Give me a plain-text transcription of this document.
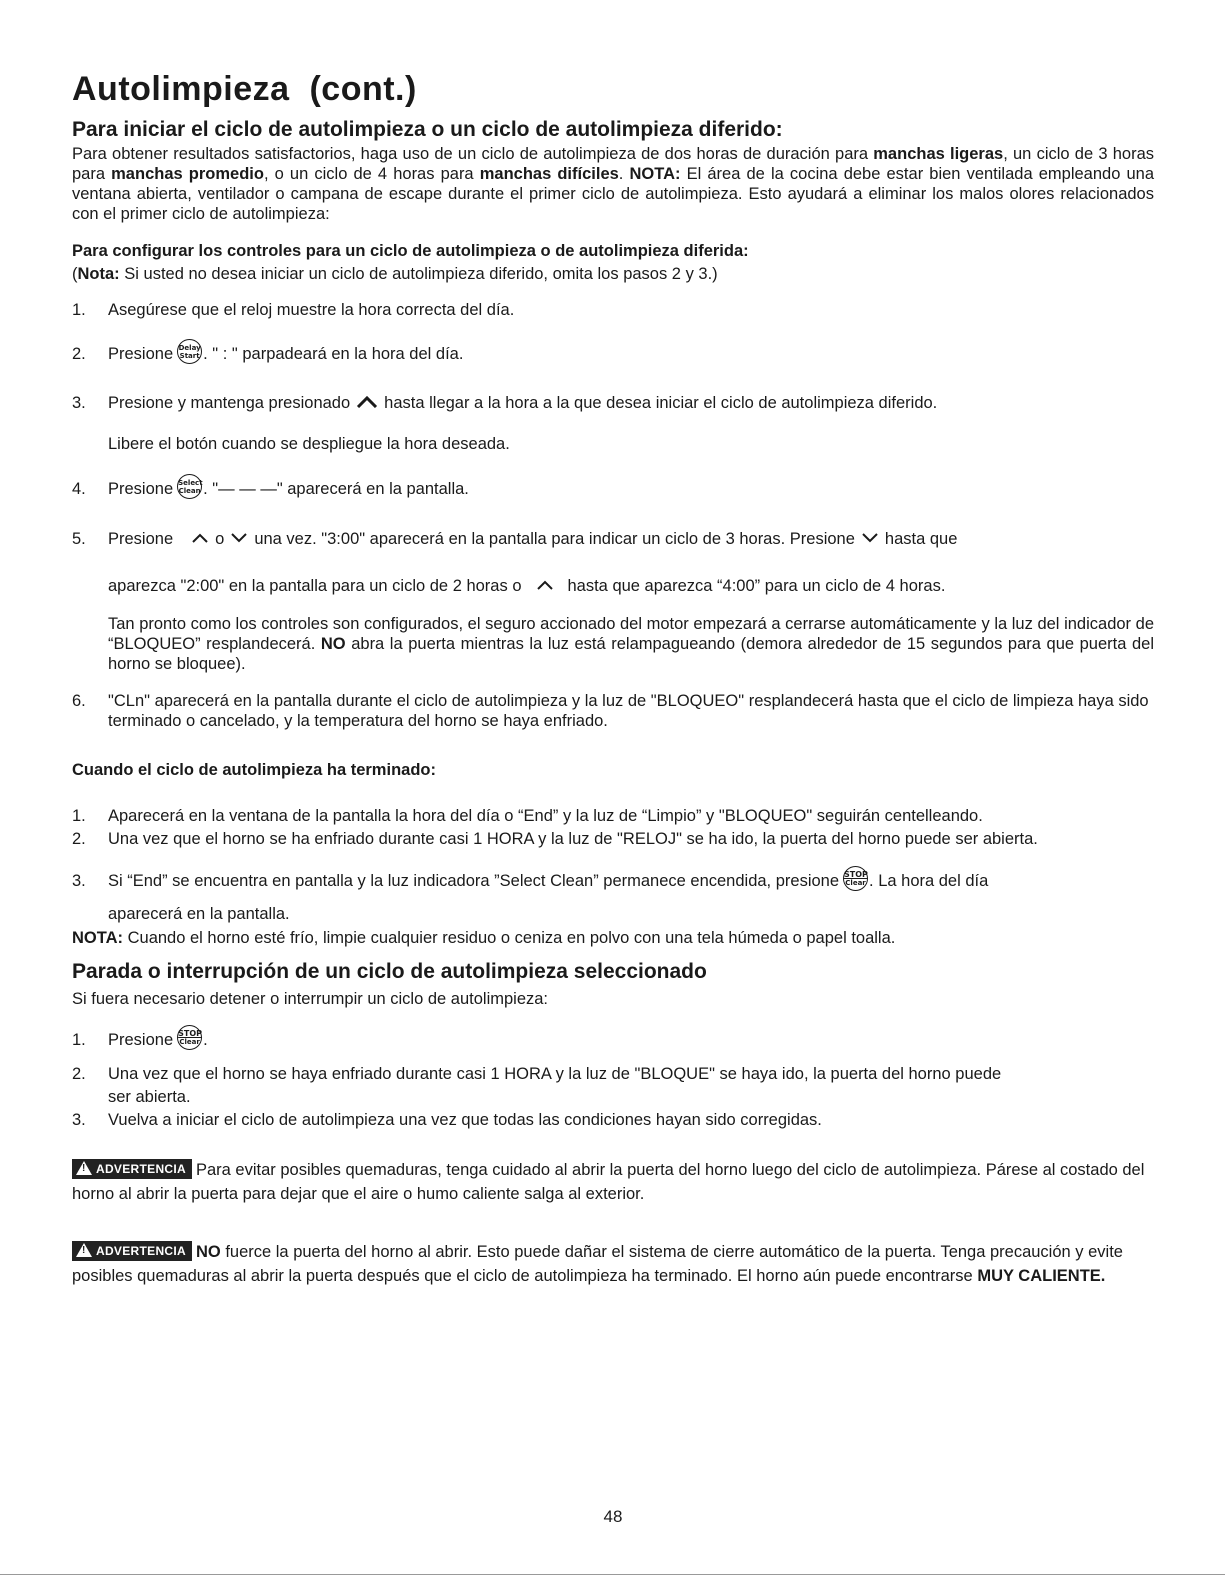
Autolimpieza  (cont.)
Para iniciar el ciclo de autolimpieza o un ciclo de autolimpieza diferido:
Para obtener resultados satisfactorios, haga uso de un ciclo de autolimpieza de dos horas de duración para manchas ligeras, un ciclo de 3 horas para manchas promedio, o un ciclo de 4 horas para manchas difíciles. NOTA: El área de la cocina debe estar bien ventilada empleando una ventana abierta, ventilador o campana de escape durante el primer ciclo de autolimpieza. Esto ayudará a eliminar los malos olores relacionados con el primer ciclo de autolimpieza:
Para configurar los controles para un ciclo de autolimpieza o de autolimpieza diferida:
(Nota: Si usted no desea iniciar un ciclo de autolimpieza diferido, omita los pasos 2 y 3.)
1.	Asegúrese que el reloj muestre la hora correcta del día.
2.	Presione Delay
Start . " : " parpadeará en la hora del día.
3.	Presione y mantenga presionado hasta llegar a la hora a la que desea iniciar el ciclo de autolimpieza diferido.
Libere el botón cuando se despliegue la hora deseada.
4.	Presione Select
Clean . "— — —" aparecerá en la pantalla.
5.	Presione	o una vez. "3:00" aparecerá en la pantalla para indicar un ciclo de 3 horas. Presione hasta que
aparezca "2:00" en la pantalla para un ciclo de 2 horas o	hasta que aparezca “4:00” para un ciclo de 4 horas.
Tan pronto como los controles son configurados, el seguro accionado del motor empezará a cerrarse automáticamente y la luz del indicador de “BLOQUEO” resplandecerá. NO abra la puerta mientras la luz está relampagueando (demora alrededor de 15 segundos para que puerta del horno se bloquee).
6.	"CLn" aparecerá en la pantalla durante el ciclo de autolimpieza y la luz de "BLOQUEO" resplandecerá hasta que el ciclo de limpieza haya sido terminado o cancelado, y la temperatura del horno se haya enfriado.
Cuando el ciclo de autolimpieza ha terminado:
1.	Aparecerá en la ventana de la pantalla la hora del día o “End” y la luz de “Limpio” y "BLOQUEO" seguirán centelleando.
2.	Una vez que el horno se ha enfriado durante casi 1 HORA y la luz de "RELOJ" se ha ido, la puerta del horno puede ser abierta.
3.	Si “End” se encuentra en pantalla y la luz indicadora ”Select Clean” permanece encendida, presione STOP
Clear . La hora del día
aparecerá en la pantalla.
NOTA: Cuando el horno esté frío, limpie cualquier residuo o ceniza en polvo con una tela húmeda o papel toalla.
Parada o interrupción de un ciclo de autolimpieza seleccionado
Si fuera necesario detener o interrumpir un ciclo de autolimpieza:
1.	Presione STOP
Clear .
2.	Una vez que el horno se haya enfriado durante casi 1 HORA y la luz de "BLOQUE" se haya ido, la puerta del horno puede
ser abierta.
3.	Vuelva a iniciar el ciclo de autolimpieza una vez que todas las condiciones hayan sido corregidas.
! ADVERTENCIA Para evitar posibles quemaduras, tenga cuidado al abrir la puerta del horno luego del ciclo de autolimpieza. Párese al costado del horno al abrir la puerta para dejar que el aire o humo caliente salga al exterior.
! ADVERTENCIA NO fuerce la puerta del horno al abrir. Esto puede dañar el sistema de cierre automático de la puerta. Tenga precaución y evite posibles quemaduras al abrir la puerta después que el ciclo de autolimpieza ha terminado. El horno aún puede encontrarse MUY CALIENTE.
48
